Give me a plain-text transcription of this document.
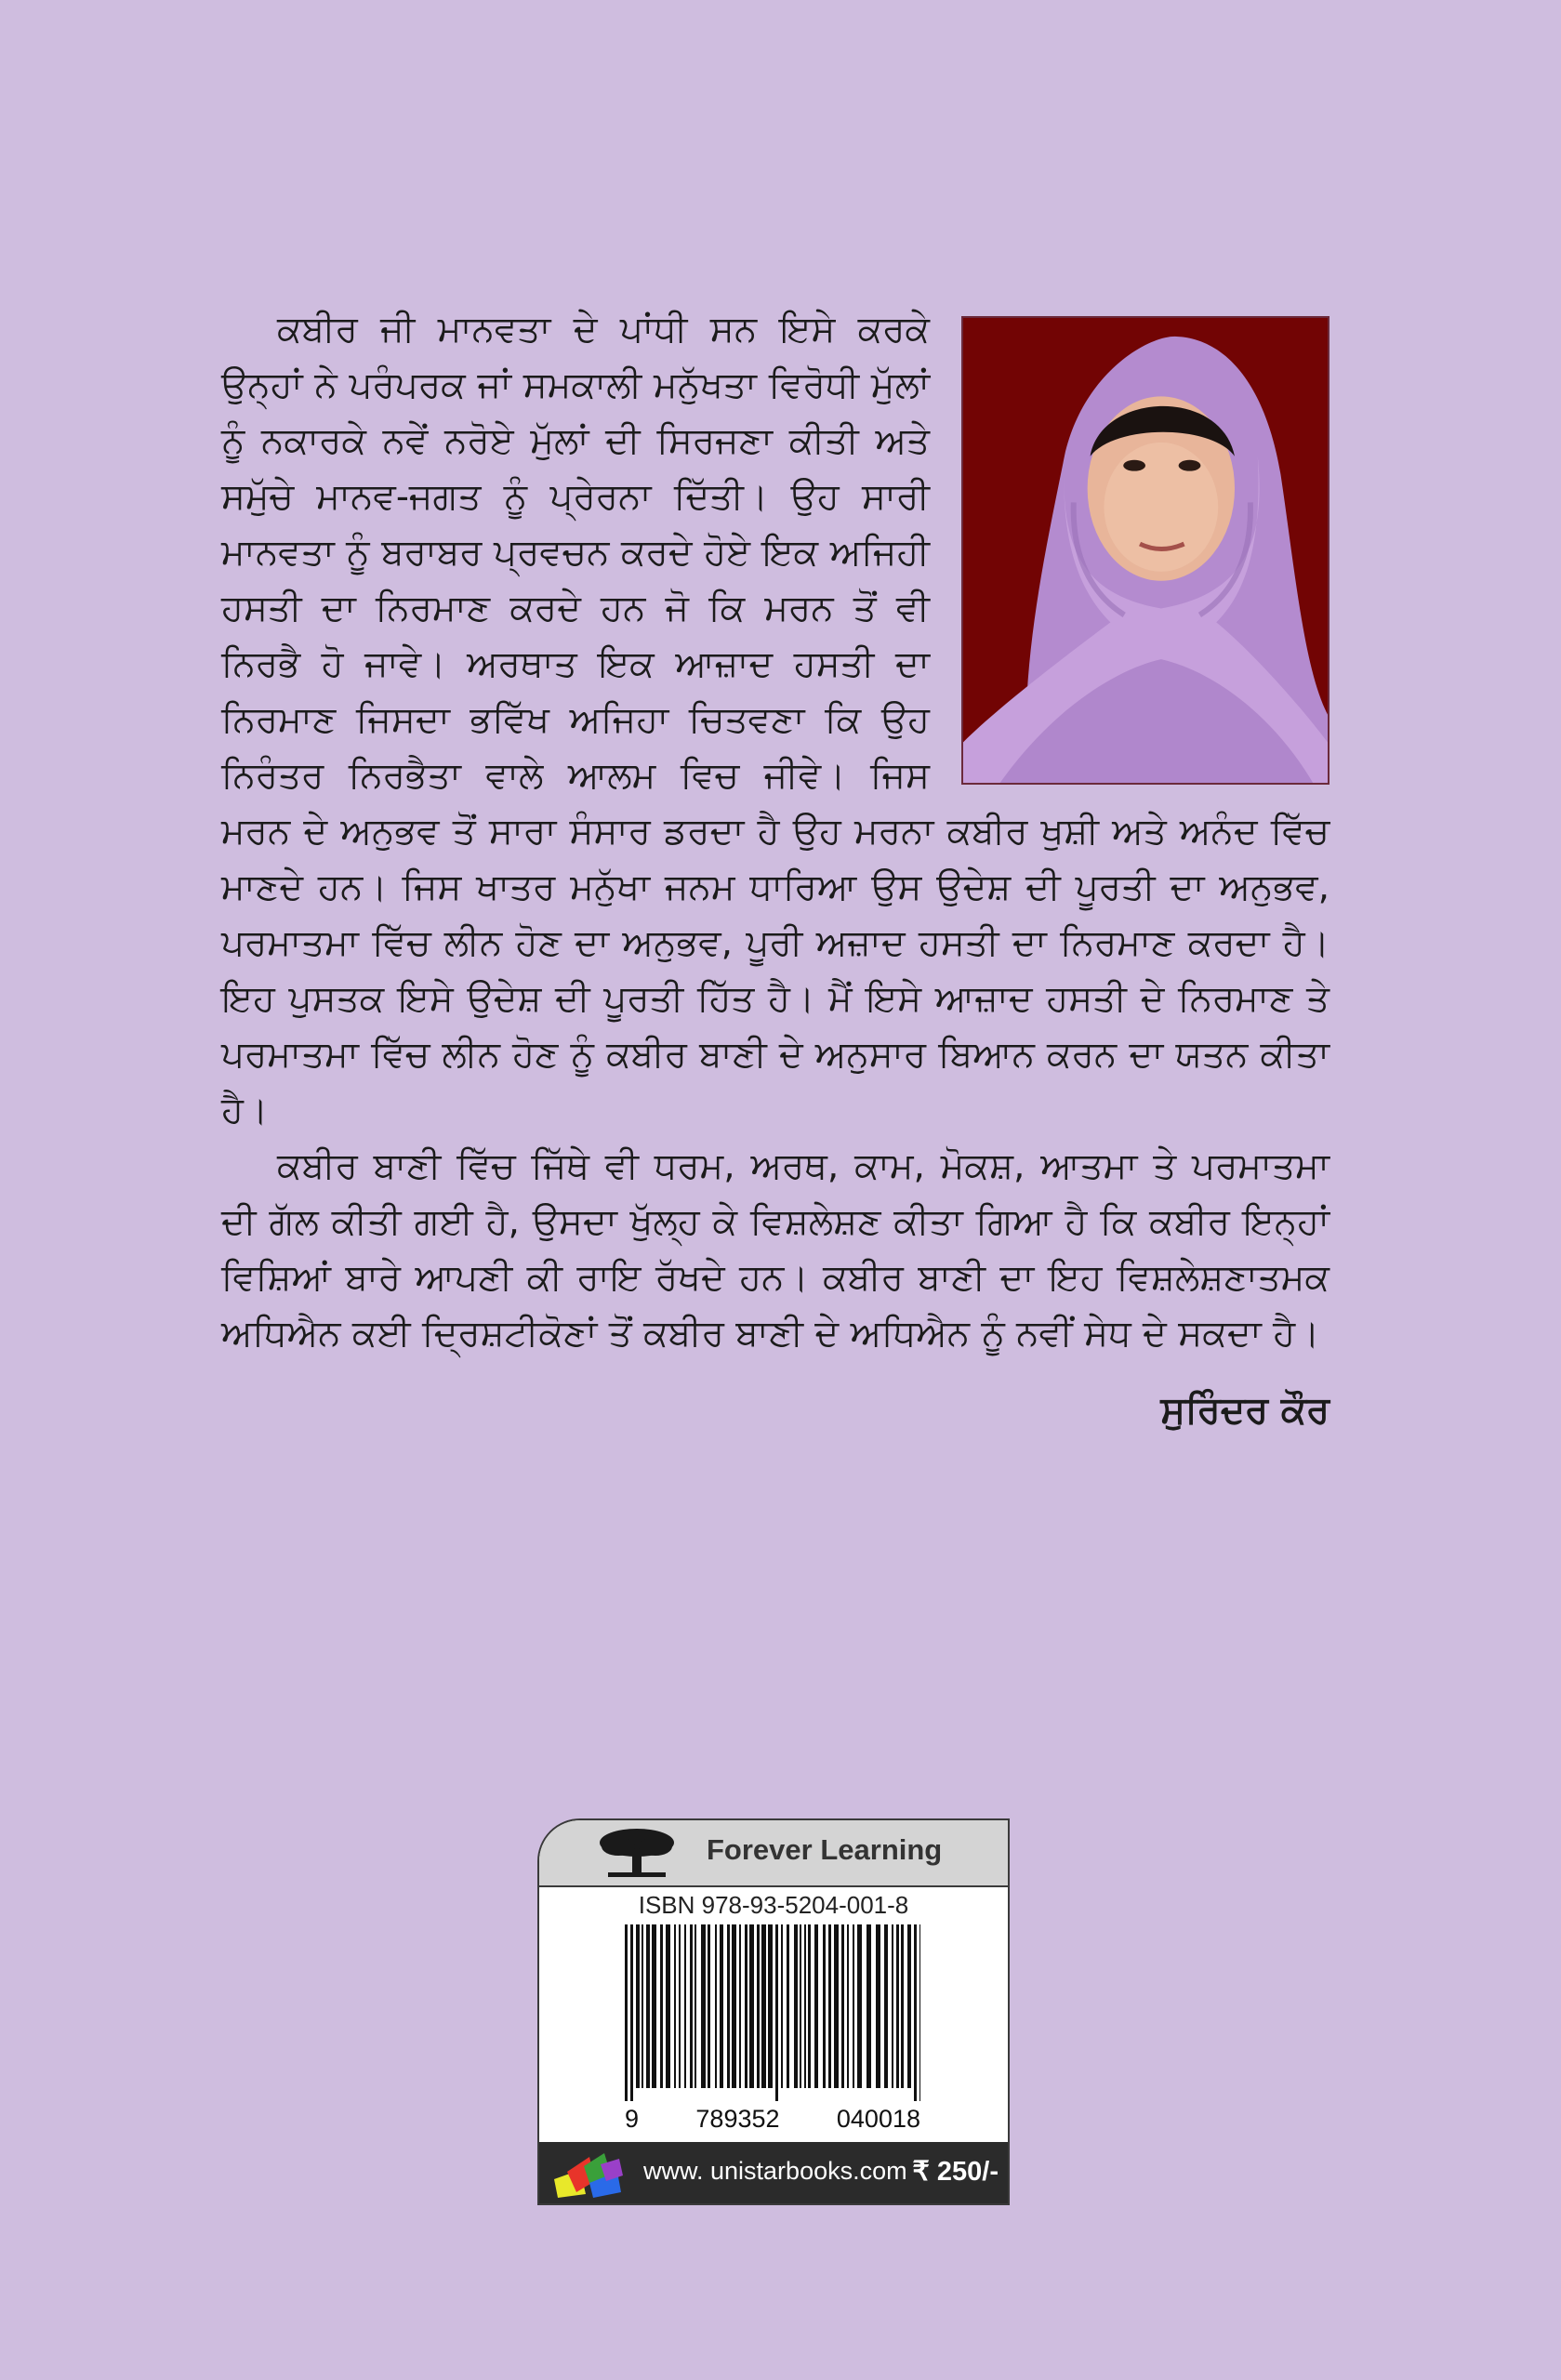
ਕਬੀਰ ਜੀ ਮਾਨਵਤਾ ਦੇ ਪਾਂਧੀ ਸਨ ਇਸੇ ਕਰਕੇ ਉਨ੍ਹਾਂ ਨੇ ਪਰੰਪਰਕ ਜਾਂ ਸਮਕਾਲੀ ਮਨੁੱਖਤਾ ਵਿਰੋਧੀ ਮੁੱਲਾਂ ਨੂੰ ਨਕਾਰਕੇ ਨਵੇਂ ਨਰੋਏ ਮੁੱਲਾਂ ਦੀ ਸਿਰਜਣਾ ਕੀਤੀ ਅਤੇ ਸਮੁੱਚੇ ਮਾਨਵ-ਜਗਤ ਨੂੰ ਪ੍ਰੇਰਨਾ ਦਿੱਤੀ। ਉਹ ਸਾਰੀ ਮਾਨਵਤਾ ਨੂੰ ਬਰਾਬਰ ਪ੍ਰਵਚਨ ਕਰਦੇ ਹੋਏ ਇਕ ਅਜਿਹੀ ਹਸਤੀ ਦਾ ਨਿਰਮਾਣ ਕਰਦੇ ਹਨ ਜੋ ਕਿ ਮਰਨ ਤੋਂ ਵੀ ਨਿਰਭੈ ਹੋ ਜਾਵੇ। ਅਰਥਾਤ ਇਕ ਆਜ਼ਾਦ ਹਸਤੀ ਦਾ ਨਿਰਮਾਣ ਜਿਸਦਾ ਭਵਿੱਖ ਅਜਿਹਾ ਚਿਤਵਣਾ ਕਿ ਉਹ ਨਿਰੰਤਰ ਨਿਰਭੈਤਾ ਵਾਲੇ ਆਲਮ ਵਿਚ ਜੀਵੇ। ਜਿਸ ਮਰਨ ਦੇ ਅਨੁਭਵ ਤੋਂ ਸਾਰਾ ਸੰਸਾਰ ਡਰਦਾ ਹੈ ਉਹ ਮਰਨਾ ਕਬੀਰ ਖੁਸ਼ੀ ਅਤੇ ਅਨੰਦ ਵਿੱਚ ਮਾਣਦੇ ਹਨ। ਜਿਸ ਖਾਤਰ ਮਨੁੱਖਾ ਜਨਮ ਧਾਰਿਆ ਉਸ ਉਦੇਸ਼ ਦੀ ਪੂਰਤੀ ਦਾ ਅਨੁਭਵ, ਪਰਮਾਤਮਾ ਵਿੱਚ ਲੀਨ ਹੋਣ ਦਾ ਅਨੁਭਵ, ਪੂਰੀ ਅਜ਼ਾਦ ਹਸਤੀ ਦਾ ਨਿਰਮਾਣ ਕਰਦਾ ਹੈ। ਇਹ ਪੁਸਤਕ ਇਸੇ ਉਦੇਸ਼ ਦੀ ਪੂਰਤੀ ਹਿੱਤ ਹੈ। ਮੈਂ ਇਸੇ ਆਜ਼ਾਦ ਹਸਤੀ ਦੇ ਨਿਰਮਾਣ ਤੇ ਪਰਮਾਤਮਾ ਵਿੱਚ ਲੀਨ ਹੋਣ ਨੂੰ ਕਬੀਰ ਬਾਣੀ ਦੇ ਅਨੁਸਾਰ ਬਿਆਨ ਕਰਨ ਦਾ ਯਤਨ ਕੀਤਾ ਹੈ।

ਕਬੀਰ ਬਾਣੀ ਵਿੱਚ ਜਿੱਥੇ ਵੀ ਧਰਮ, ਅਰਥ, ਕਾਮ, ਮੋਕਸ਼, ਆਤਮਾ ਤੇ ਪਰਮਾਤਮਾ ਦੀ ਗੱਲ ਕੀਤੀ ਗਈ ਹੈ, ਉਸਦਾ ਖੁੱਲ੍ਹ ਕੇ ਵਿਸ਼ਲੇਸ਼ਣ ਕੀਤਾ ਗਿਆ ਹੈ ਕਿ ਕਬੀਰ ਇਨ੍ਹਾਂ ਵਿਸ਼ਿਆਂ ਬਾਰੇ ਆਪਣੀ ਕੀ ਰਾਇ ਰੱਖਦੇ ਹਨ। ਕਬੀਰ ਬਾਣੀ ਦਾ ਇਹ ਵਿਸ਼ਲੇਸ਼ਣਾਤਮਕ ਅਧਿਐਨ ਕਈ ਦ੍ਰਿਸ਼ਟੀਕੋਣਾਂ ਤੋਂ ਕਬੀਰ ਬਾਣੀ ਦੇ ਅਧਿਐਨ ਨੂੰ ਨਵੀਂ ਸੇਧ ਦੇ ਸਕਦਾ ਹੈ।

ਸੁਰਿੰਦਰ ਕੌਰ

Forever Learning
ISBN 978-93-5204-001-8
9 789352 040018
www. unistarbooks.com ₹ 250/-
